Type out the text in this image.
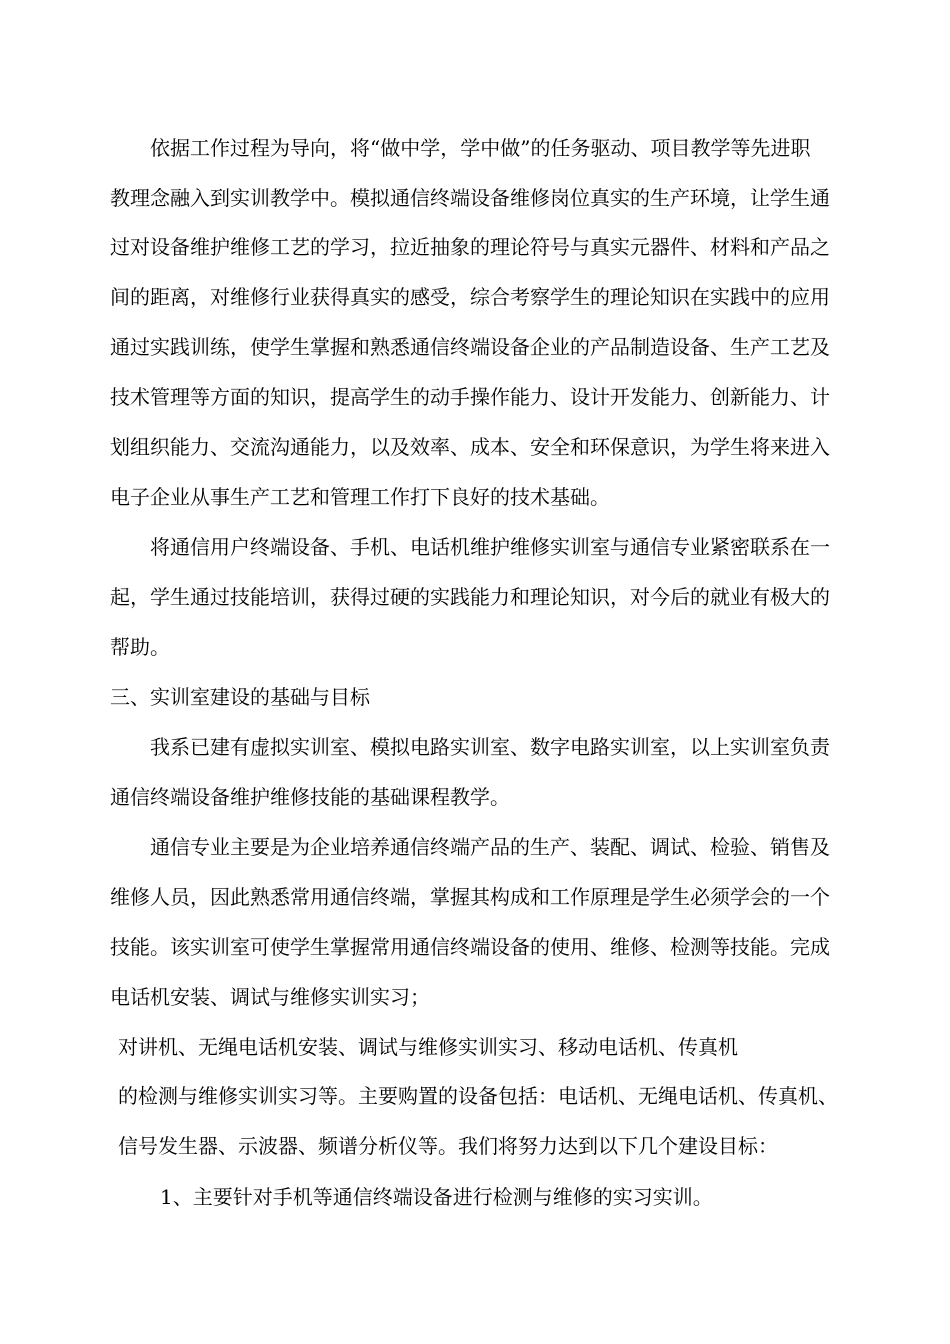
依据工作过程为导向，将“做中学，学中做”的任务驱动、项目教学等先进职
教理念融入到实训教学中。模拟通信终端设备维修岗位真实的生产环境，让学生通
过对设备维护维修工艺的学习，拉近抽象的理论符号与真实元器件、材料和产品之
间的距离，对维修行业获得真实的感受，综合考察学生的理论知识在实践中的应用
通过实践训练，使学生掌握和熟悉通信终端设备企业的产品制造设备、生产工艺及
技术管理等方面的知识，提高学生的动手操作能力、设计开发能力、创新能力、计
划组织能力、交流沟通能力，以及效率、成本、安全和环保意识，为学生将来进入
电子企业从事生产工艺和管理工作打下良好的技术基础。
将通信用户终端设备、手机、电话机维护维修实训室与通信专业紧密联系在一
起，学生通过技能培训，获得过硬的实践能力和理论知识，对今后的就业有极大的
帮助。
三、实训室建设的基础与目标
我系已建有虚拟实训室、模拟电路实训室、数字电路实训室，以上实训室负责
通信终端设备维护维修技能的基础课程教学。
通信专业主要是为企业培养通信终端产品的生产、装配、调试、检验、销售及
维修人员，因此熟悉常用通信终端，掌握其构成和工作原理是学生必须学会的一个
技能。该实训室可使学生掌握常用通信终端设备的使用、维修、检测等技能。完成
电话机安装、调试与维修实训实习；
对讲机、无绳电话机安装、调试与维修实训实习、移动电话机、传真机
的检测与维修实训实习等。主要购置的设备包括：电话机、无绳电话机、传真机、
信号发生器、示波器、频谱分析仪等。我们将努力达到以下几个建设目标：
1、主要针对手机等通信终端设备进行检测与维修的实习实训。
